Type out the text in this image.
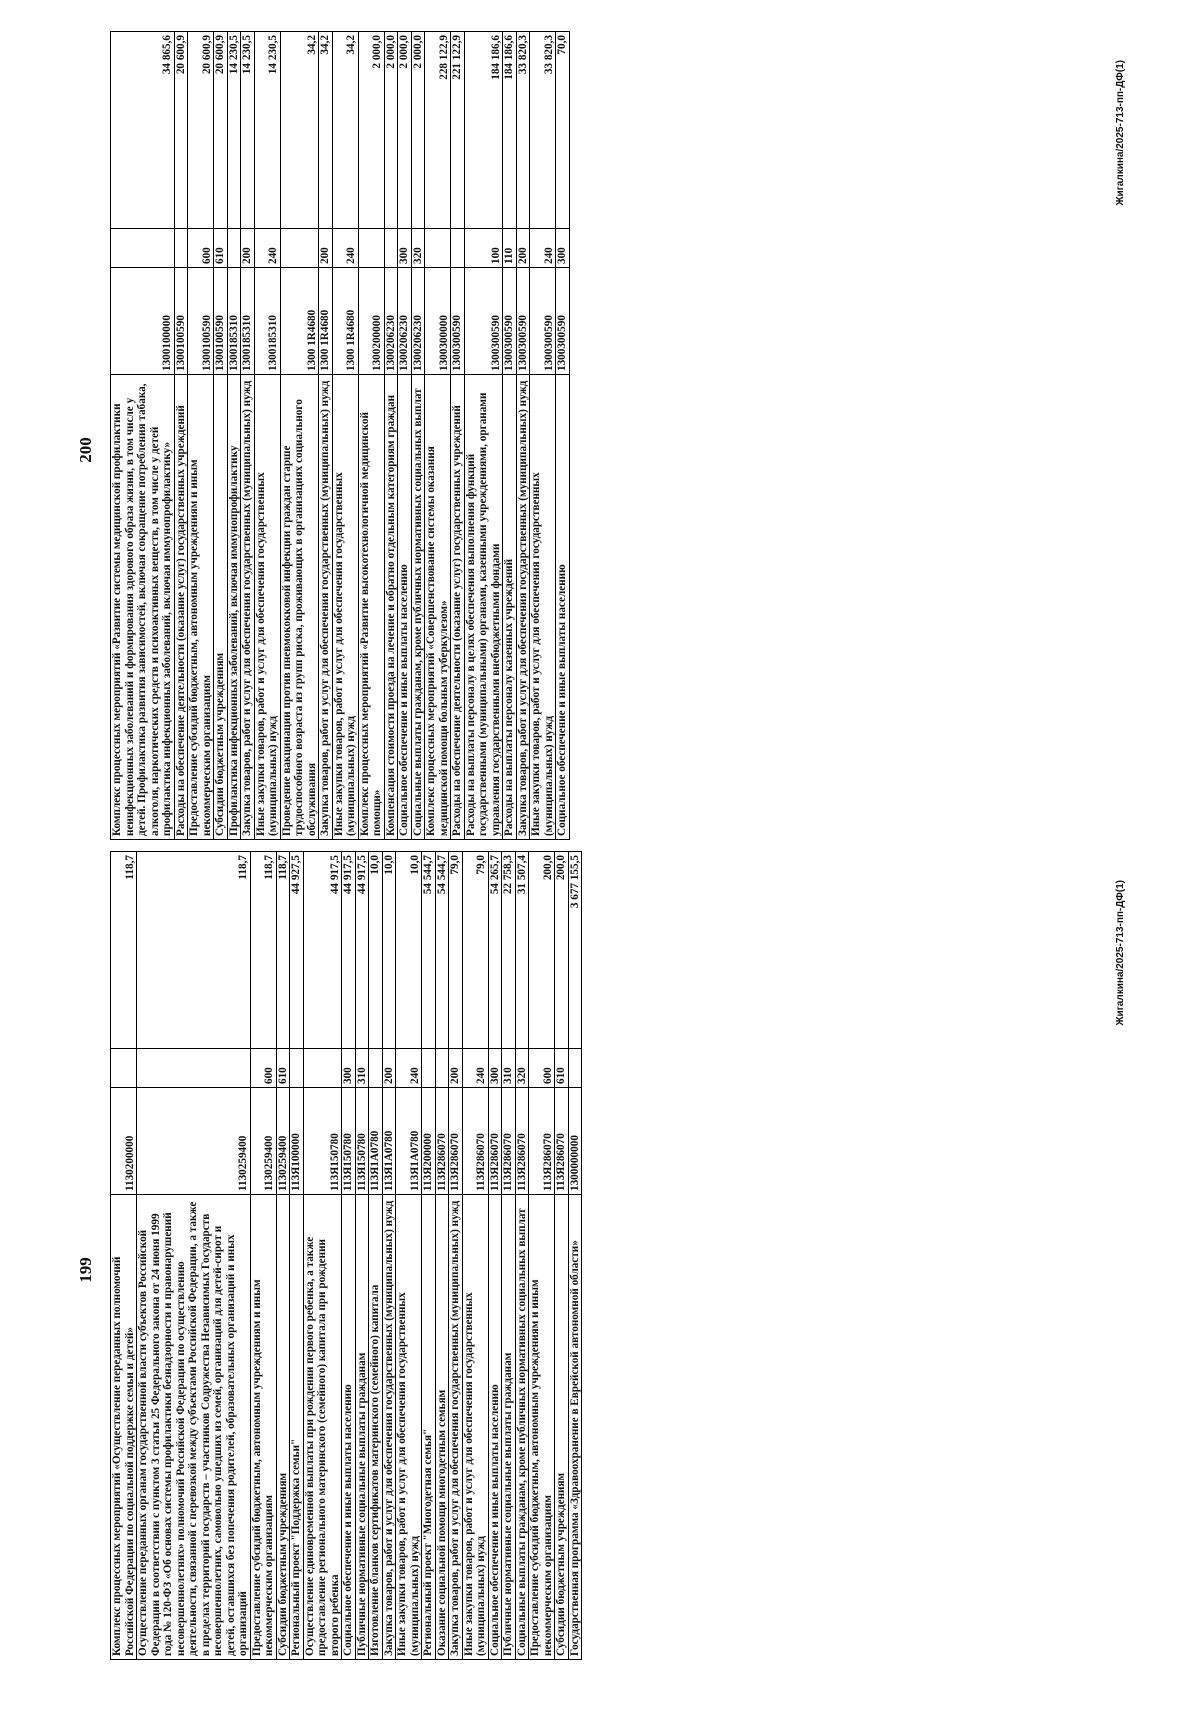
199 Комплекс процессных мероприятий «Осуществление переданных полномочий Российской Федерации по социальной поддержке семьи и детей»	1130200000		118,7
Осуществление переданных органам государственной власти субъектов Российской Федерации в соответствии с пунктом 3 статьи 25 Федерального закона от 24 июня 1999 года № 120-ФЗ «Об основах системы профилактики безнадзорности и правонарушений несовершеннолетних» полномочий Российской Федерации по осуществлению деятельности, связанной с перевозкой между субъектами Российской Федерации, а также в пределах территорий государств – участников Содружества Независимых Государств несовершеннолетних, самовольно ушедших из семей, организаций для детей-сирот и детей, оставшихся без попечения родителей, образовательных организаций и иных организаций	1130259400		118,7
Предоставление субсидий бюджетным, автономным учреждениям и иным некоммерческим организациям	1130259400	600	118,7
Субсидии бюджетным учреждениям	1130259400	610	118,7
Региональный проект "Поддержка семьи"	113Я100000		44 927,5
Осуществление единовременной выплаты при рождении первого ребенка, а также предоставление регионального материнского (семейного) капитала при рождении второго ребенка	113Я150780		44 917,5
Социальное обеспечение и иные выплаты населению	113Я150780	300	44 917,5
Публичные нормативные социальные выплаты гражданам	113Я150780	310	44 917,5
Изготовление бланков сертификатов материнского (семейного) капитала	113Я1А0780		10,0
Закупка товаров, работ и услуг для обеспечения государственных (муниципальных) нужд	113Я1А0780	200	10,0
Иные закупки товаров, работ и услуг для обеспечения государственных (муниципальных) нужд	113Я1А0780	240	10,0
Региональный проект "Многодетная семья"	113Я200000		54 544,7
Оказание социальной помощи многодетным семьям	113Я286070		54 544,7
Закупка товаров, работ и услуг для обеспечения государственных (муниципальных) нужд	113Я286070	200	79,0
Иные закупки товаров, работ и услуг для обеспечения государственных (муниципальных) нужд	113Я286070	240	79,0
Социальное обеспечение и иные выплаты населению	113Я286070	300	54 265,7
Публичные нормативные социальные выплаты гражданам	113Я286070	310	22 758,3
Социальные выплаты гражданам, кроме публичных нормативных социальных выплат	113Я286070	320	31 507,4
Предоставление субсидий бюджетным, автономным учреждениям и иным некоммерческим организациям	113Я286070	600	200,0
Субсидии бюджетным учреждениям	113Я286070	610	200,0
Государственная программа «Здравоохранение в Еврейской автономной области»	1300000000		3 677 155,5	Жигалкина/2025-713-пп-ДФ(1)
200 Комплекс процессных мероприятий «Развитие системы медицинской профилактики неинфекционных заболеваний и формирования здорового образа жизни, в том числе у детей. Профилактика развития зависимостей, включая сокращение потребления табака, алкоголя, наркотических средств и психоактивных веществ, в том числе у детей профилактика инфекционных заболеваний, включая иммунопрофилактику»	1300100000		34 865,6
Расходы на обеспечение деятельности (оказание услуг) государственных учреждений	1300100590		20 600,9
Предоставление субсидий бюджетным, автономным учреждениям и иным некоммерческим организациям	1300100590	600	20 600,9
Субсидии бюджетным учреждениям	1300100590	610	20 600,9
Профилактика инфекционных заболеваний, включая иммунопрофилактику	1300185310		14 230,5
Закупка товаров, работ и услуг для обеспечения государственных (муниципальных) нужд	1300185310	200	14 230,5
Иные закупки товаров, работ и услуг для обеспечения государственных (муниципальных) нужд	1300185310	240	14 230,5
Проведение вакцинации против пневмококковой инфекции граждан старше трудоспособного возраста из групп риска, проживающих в организациях социального обслуживания	1300 1R4680		34,2
Закупка товаров, работ и услуг для обеспечения государственных (муниципальных) нужд	1300 1R4680	200	34,2
Иные закупки товаров, работ и услуг для обеспечения государственных (муниципальных) нужд	1300 1R4680	240	34,2
Комплекс процессных мероприятий «Развитие высокотехнологичной медицинской помощи»	1300200000		2 000,0
Компенсация стоимости проезда на лечение и обратно отдельным категориям граждан	1300206230		2 000,0
Социальное обеспечение и иные выплаты населению	1300206230	300	2 000,0
Социальные выплаты гражданам, кроме публичных нормативных социальных выплат	1300206230	320	2 000,0
Комплекс процессных мероприятий «Совершенствование системы оказания медицинской помощи больным туберкулезом»	1300300000		228 122,9
Расходы на обеспечение деятельности (оказание услуг) государственных учреждений	1300300590		221 122,9
Расходы на выплаты персоналу в целях обеспечения выполнения функций государственными (муниципальными) органами, казенными учреждениями, органами управления государственными внебюджетными фондами	1300300590	100	184 186,6
Расходы на выплаты персоналу казенных учреждений	1300300590	110	184 186,6
Закупка товаров, работ и услуг для обеспечения государственных (муниципальных) нужд	1300300590	200	33 820,3
Иные закупки товаров, работ и услуг для обеспечения государственных (муниципальных) нужд	1300300590	240	33 820,3
Социальное обеспечение и иные выплаты населению	1300300590	300	70,0
Жигалкина/2025-713-пп-ДФ(1)
